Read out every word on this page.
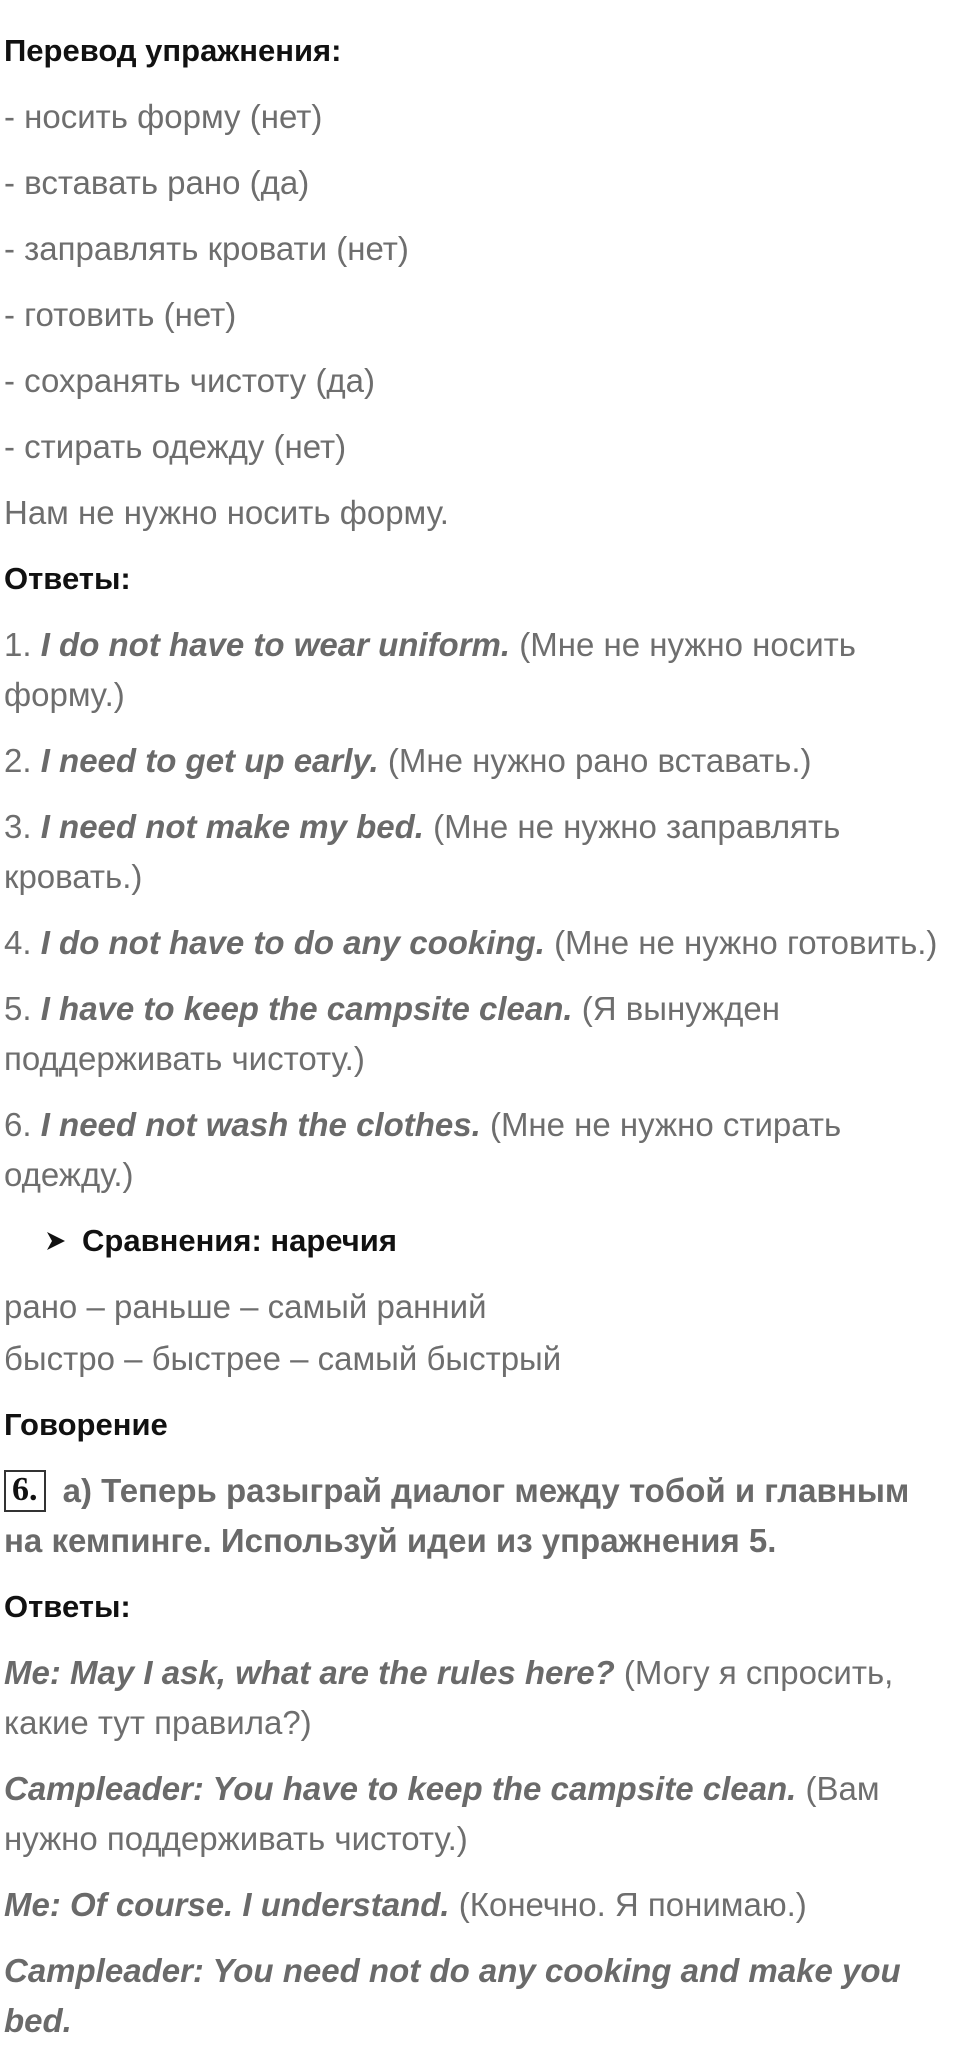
Перевод упражнения:
- носить форму (нет)
- вставать рано (да)
- заправлять кровати (нет)
- готовить (нет)
- сохранять чистоту (да)
- стирать одежду (нет)
Нам не нужно носить форму.
Ответы:
1. I do not have to wear uniform. (Мне не нужно носить формy.)
2. I need to get up early. (Мне нужно рано вставать.)
3. I need not make my bed. (Мне не нужно заправлять кровать.)
4. I do not have to do any cooking. (Мне не нужно готовить.)
5. I have to keep the campsite clean. (Я вынужден поддерживать чистоту.)
6. I need not wash the clothes. (Мне не нужно стирать одежду.)
Сравнения: наречия
рано – раньше – самый ранний
быстро – быстрее – самый быстрый
Говорение
6. а) Теперь разыграй диалог между тобой и главным на кемпинге. Используй идеи из упражнения 5.
Ответы:
Me: May I ask, what are the rules here? (Могу я спросить, какие тут правила?)
Campleader: You have to keep the campsite clean. (Вам нужно поддерживать чистоту.)
Me: Of course. I understand. (Конечно. Я понимаю.)
Campleader: You need not do any cooking and make you bed.
